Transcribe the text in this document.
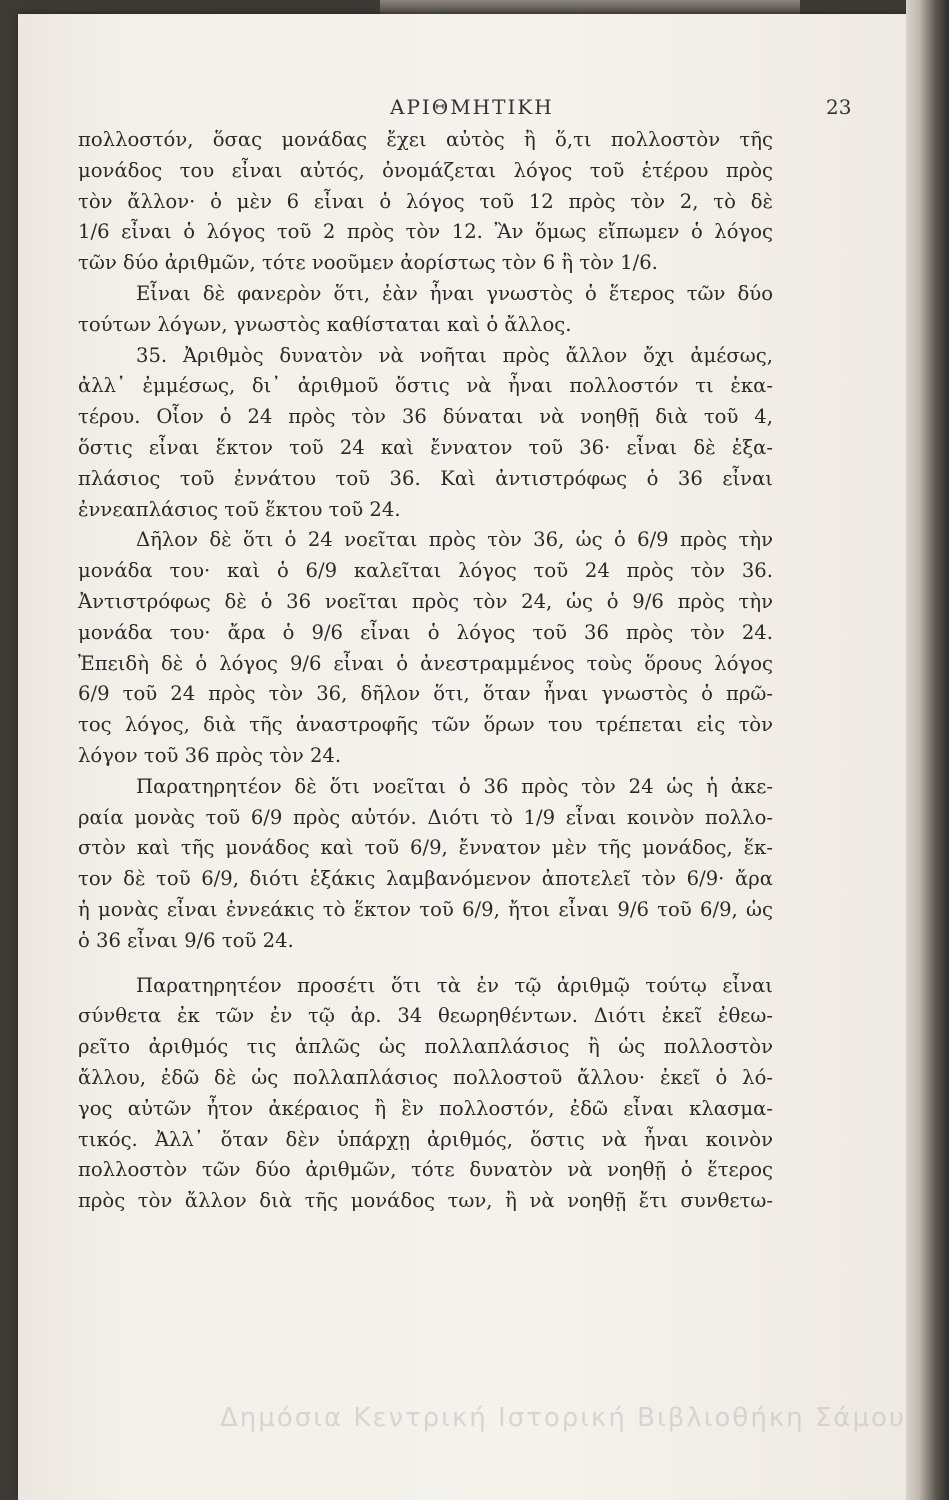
ΑΡΙΘΜΗΤΙΚΗ	23
πολλοστόν, ὅσας μονάδας ἔχει αὐτὸς ἢ ὅ,τι πολλοστὸν τῆς
μονάδος του εἶναι αὐτός, ὀνομάζεται λόγος τοῦ ἑτέρου πρὸς
τὸν ἄλλον· ὁ μὲν 6 εἶναι ὁ λόγος τοῦ 12 πρὸς τὸν 2, τὸ δὲ
1/6 εἶναι ὁ λόγος τοῦ 2 πρὸς τὸν 12. Ἂν ὅμως εἴπωμεν ὁ λόγος
τῶν δύο ἀριθμῶν, τότε νοοῦμεν ἀορίστως τὸν 6 ἢ τὸν 1/6.
Εἶναι δὲ φανερὸν ὅτι, ἐὰν ἦναι γνωστὸς ὁ ἕτερος τῶν δύο
τούτων λόγων, γνωστὸς καθίσταται καὶ ὁ ἄλλος.
35. Ἀριθμὸς δυνατὸν νὰ νοῆται πρὸς ἄλλον ὄχι ἀμέσως,
ἀλλ᾿ ἐμμέσως, δι᾿ ἀριθμοῦ ὅστις νὰ ἦναι πολλοστόν τι ἑκα-
τέρου. Οἷον ὁ 24 πρὸς τὸν 36 δύναται νὰ νοηθῇ διὰ τοῦ 4,
ὅστις εἶναι ἕκτον τοῦ 24 καὶ ἔννατον τοῦ 36· εἶναι δὲ ἑξα-
πλάσιος τοῦ ἐννάτου τοῦ 36. Καὶ ἀντιστρόφως ὁ 36 εἶναι
ἐννεαπλάσιος τοῦ ἕκτου τοῦ 24.
Δῆλον δὲ ὅτι ὁ 24 νοεῖται πρὸς τὸν 36, ὡς ὁ 6/9 πρὸς τὴν
μονάδα του· καὶ ὁ 6/9 καλεῖται λόγος τοῦ 24 πρὸς τὸν 36.
Ἀντιστρόφως δὲ ὁ 36 νοεῖται πρὸς τὸν 24, ὡς ὁ 9/6 πρὸς τὴν
μονάδα του· ἄρα ὁ 9/6 εἶναι ὁ λόγος τοῦ 36 πρὸς τὸν 24.
Ἐπειδὴ δὲ ὁ λόγος 9/6 εἶναι ὁ ἀνεστραμμένος τοὺς ὅρους λόγος
6/9 τοῦ 24 πρὸς τὸν 36, δῆλον ὅτι, ὅταν ἦναι γνωστὸς ὁ πρῶ-
τος λόγος, διὰ τῆς ἀναστροφῆς τῶν ὅρων του τρέπεται εἰς τὸν
λόγον τοῦ 36 πρὸς τὸν 24.
Παρατηρητέον δὲ ὅτι νοεῖται ὁ 36 πρὸς τὸν 24 ὡς ἡ ἀκε-
ραία μονὰς τοῦ 6/9 πρὸς αὐτόν. Διότι τὸ 1/9 εἶναι κοινὸν πολλο-
στὸν καὶ τῆς μονάδος καὶ τοῦ 6/9, ἔννατον μὲν τῆς μονάδος, ἕκ-
τον δὲ τοῦ 6/9, διότι ἑξάκις λαμβανόμενον ἀποτελεῖ τὸν 6/9· ἄρα
ἡ μονὰς εἶναι ἐννεάκις τὸ ἕκτον τοῦ 6/9, ἤτοι εἶναι 9/6 τοῦ 6/9, ὡς
ὁ 36 εἶναι 9/6 τοῦ 24.
Παρατηρητέον προσέτι ὅτι τὰ ἐν τῷ ἀριθμῷ τούτῳ εἶναι
σύνθετα ἐκ τῶν ἐν τῷ ἀρ. 34 θεωρηθέντων. Διότι ἐκεῖ ἐθεω-
ρεῖτο ἀριθμός τις ἁπλῶς ὡς πολλαπλάσιος ἢ ὡς πολλοστὸν
ἄλλου, ἐδῶ δὲ ὡς πολλαπλάσιος πολλοστοῦ ἄλλου· ἐκεῖ ὁ λό-
γος αὐτῶν ἦτον ἀκέραιος ἢ ἓν πολλοστόν, ἐδῶ εἶναι κλασμα-
τικός. Ἀλλ᾿ ὅταν δὲν ὑπάρχῃ ἀριθμός, ὅστις νὰ ἦναι κοινὸν
πολλοστὸν τῶν δύο ἀριθμῶν, τότε δυνατὸν νὰ νοηθῇ ὁ ἕτερος
πρὸς τὸν ἄλλον διὰ τῆς μονάδος των, ἢ νὰ νοηθῇ ἔτι συνθετω-
Δημόσια Κεντρική Ιστορική Βιβλιοθήκη Σάμου
